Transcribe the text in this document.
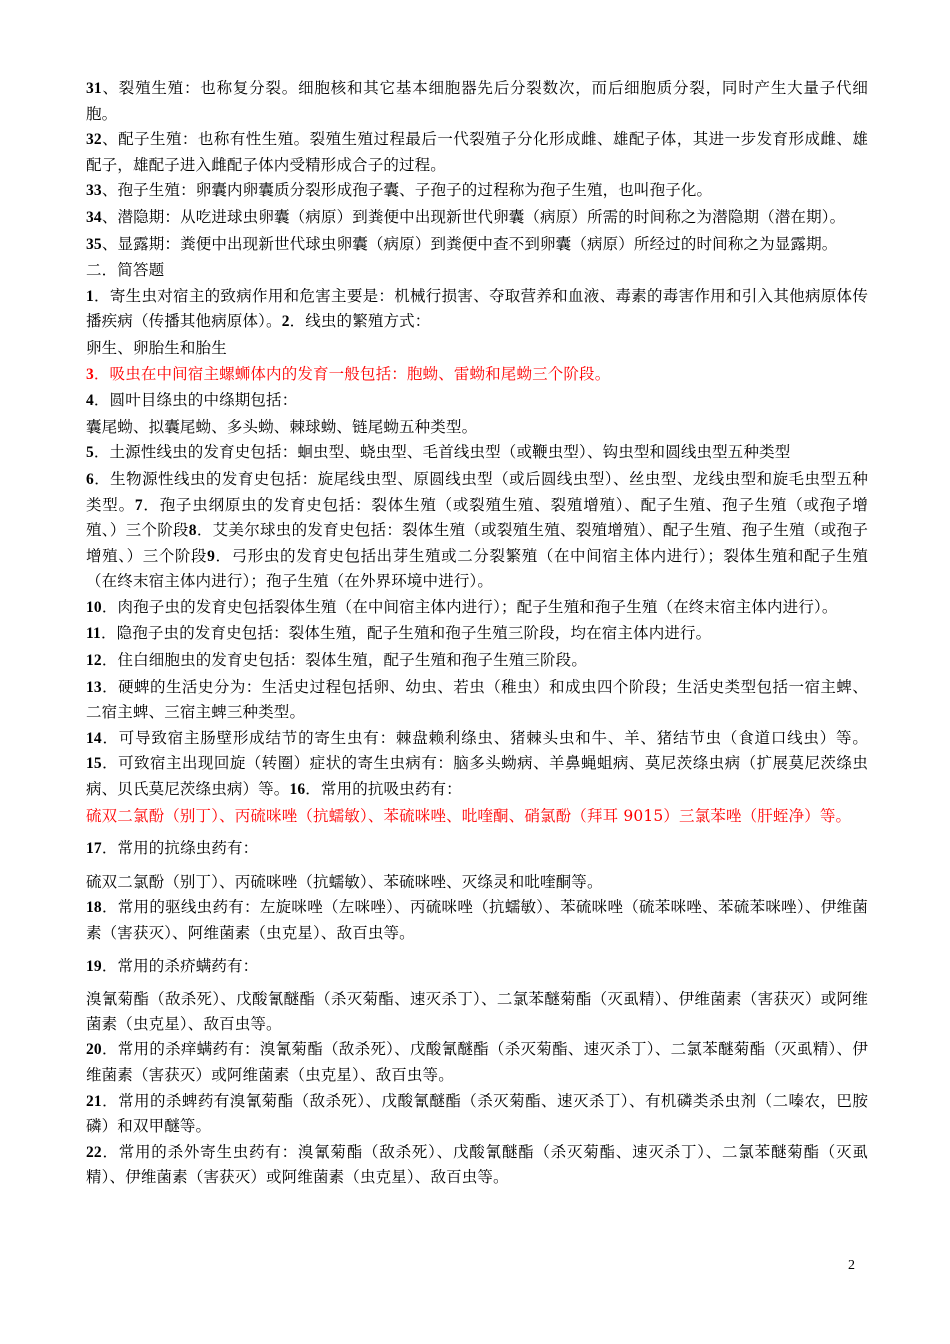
31、裂殖生殖：也称复分裂。细胞核和其它基本细胞器先后分裂数次，而后细胞质分裂，同时产生大量子代细胞。

32、配子生殖：也称有性生殖。裂殖生殖过程最后一代裂殖子分化形成雌、雄配子体，其进一步发育形成雌、雄配子，雄配子进入雌配子体内受精形成合子的过程。

33、孢子生殖：卵囊内卵囊质分裂形成孢子囊、子孢子的过程称为孢子生殖，也叫孢子化。

34、潜隐期：从吃进球虫卵囊（病原）到粪便中出现新世代卵囊（病原）所需的时间称之为潜隐期（潜在期）。

35、显露期：粪便中出现新世代球虫卵囊（病原）到粪便中查不到卵囊（病原）所经过的时间称之为显露期。

二．简答题

1．寄生虫对宿主的致病作用和危害主要是：机械行损害、夺取营养和血液、毒素的毒害作用和引入其他病原体传播疾病（传播其他病原体）。2．线虫的繁殖方式：

卵生、卵胎生和胎生

3．吸虫在中间宿主螺蛳体内的发育一般包括：胞蚴、雷蚴和尾蚴三个阶段。

4．圆叶目绦虫的中绦期包括：

囊尾蚴、拟囊尾蚴、多头蚴、棘球蚴、链尾蚴五种类型。

5．土源性线虫的发育史包括：蛔虫型、蛲虫型、毛首线虫型（或鞭虫型）、钩虫型和圆线虫型五种类型

6．生物源性线虫的发育史包括：旋尾线虫型、原圆线虫型（或后圆线虫型）、丝虫型、龙线虫型和旋毛虫型五种类型。7．孢子虫纲原虫的发育史包括：裂体生殖（或裂殖生殖、裂殖增殖）、配子生殖、孢子生殖（或孢子增殖、）三个阶段8．艾美尔球虫的发育史包括：裂体生殖（或裂殖生殖、裂殖增殖）、配子生殖、孢子生殖（或孢子增殖、）三个阶段9．弓形虫的发育史包括出芽生殖或二分裂繁殖（在中间宿主体内进行）；裂体生殖和配子生殖（在终末宿主体内进行）；孢子生殖（在外界环境中进行）。

10．肉孢子虫的发育史包括裂体生殖（在中间宿主体内进行）；配子生殖和孢子生殖（在终末宿主体内进行）。

11．隐孢子虫的发育史包括：裂体生殖，配子生殖和孢子生殖三阶段，均在宿主体内进行。

12．住白细胞虫的发育史包括：裂体生殖，配子生殖和孢子生殖三阶段。

13．硬蜱的生活史分为：生活史过程包括卵、幼虫、若虫（稚虫）和成虫四个阶段；生活史类型包括一宿主蜱、二宿主蜱、三宿主蜱三种类型。

14．可导致宿主肠壁形成结节的寄生虫有：棘盘赖利绦虫、猪棘头虫和牛、羊、猪结节虫（食道口线虫）等。15．可致宿主出现回旋（转圈）症状的寄生虫病有：脑多头蚴病、羊鼻蝇蛆病、莫尼茨绦虫病（扩展莫尼茨绦虫病、贝氏莫尼茨绦虫病）等。16．常用的抗吸虫药有：

硫双二氯酚（别丁）、丙硫咪唑（抗蠕敏）、苯硫咪唑、吡喹酮、硝氯酚（拜耳 9015）三氯苯唑（肝蛭净）等。

17．常用的抗绦虫药有：

硫双二氯酚（别丁）、丙硫咪唑（抗蠕敏）、苯硫咪唑、灭绦灵和吡喹酮等。

18．常用的驱线虫药有：左旋咪唑（左咪唑）、丙硫咪唑（抗蠕敏）、苯硫咪唑（硫苯咪唑、苯硫苯咪唑）、伊维菌素（害获灭）、阿维菌素（虫克星）、敌百虫等。

19．常用的杀疥螨药有：

溴氰菊酯（敌杀死）、戊酸氰醚酯（杀灭菊酯、速灭杀丁）、二氯苯醚菊酯（灭虱精）、伊维菌素（害获灭）或阿维菌素（虫克星）、敌百虫等。

20．常用的杀痒螨药有：溴氰菊酯（敌杀死）、戊酸氰醚酯（杀灭菊酯、速灭杀丁）、二氯苯醚菊酯（灭虱精）、伊维菌素（害获灭）或阿维菌素（虫克星）、敌百虫等。

21．常用的杀蜱药有溴氰菊酯（敌杀死）、戊酸氰醚酯（杀灭菊酯、速灭杀丁）、有机磷类杀虫剂（二嗪农，巴胺磷）和双甲醚等。

22．常用的杀外寄生虫药有：溴氰菊酯（敌杀死）、戊酸氰醚酯（杀灭菊酯、速灭杀丁）、二氯苯醚菊酯（灭虱精）、伊维菌素（害获灭）或阿维菌素（虫克星）、敌百虫等。

2
